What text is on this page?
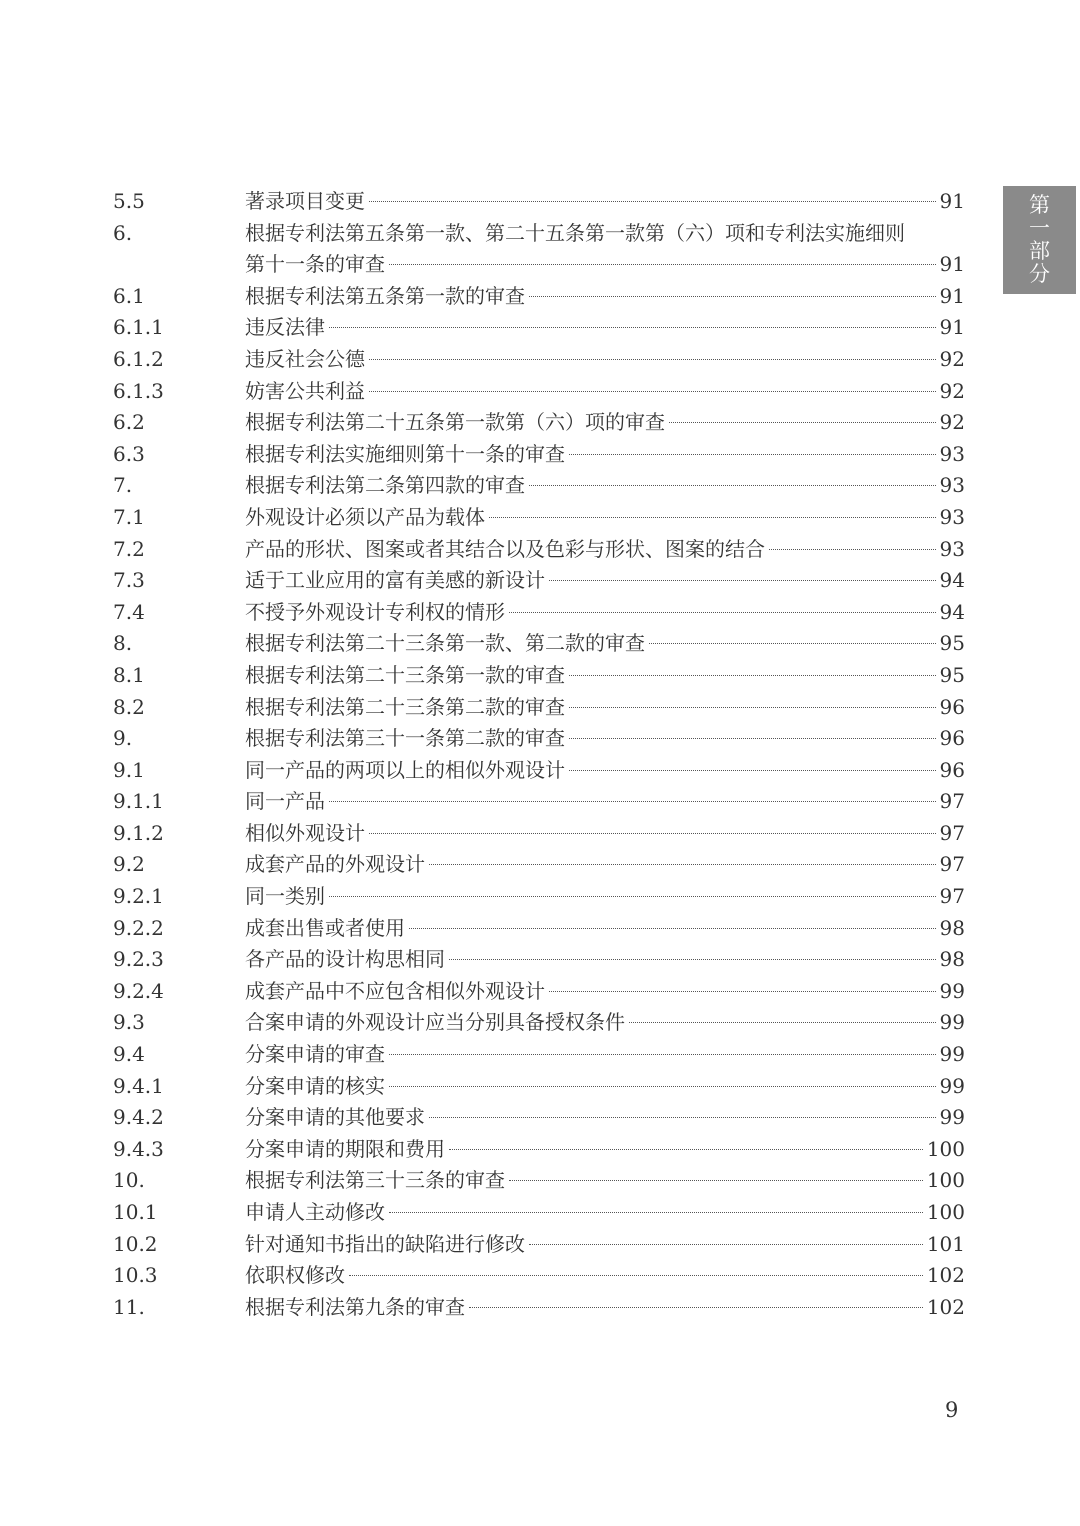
5.5	著录项目变更	91
6.	根据专利法第五条第一款、第二十五条第一款第（六）项和专利法实施细则
第十一条的审查	91
6.1	根据专利法第五条第一款的审查	91
6.1.1	违反法律	91
6.1.2	违反社会公德	92
6.1.3	妨害公共利益	92
6.2	根据专利法第二十五条第一款第（六）项的审查	92
6.3	根据专利法实施细则第十一条的审查	93
7.	根据专利法第二条第四款的审查	93
7.1	外观设计必须以产品为载体	93
7.2	产品的形状、图案或者其结合以及色彩与形状、图案的结合	93
7.3	适于工业应用的富有美感的新设计	94
7.4	不授予外观设计专利权的情形	94
8.	根据专利法第二十三条第一款、第二款的审查	95
8.1	根据专利法第二十三条第一款的审查	95
8.2	根据专利法第二十三条第二款的审查	96
9.	根据专利法第三十一条第二款的审查	96
9.1	同一产品的两项以上的相似外观设计	96
9.1.1	同一产品	97
9.1.2	相似外观设计	97
9.2	成套产品的外观设计	97
9.2.1	同一类别	97
9.2.2	成套出售或者使用	98
9.2.3	各产品的设计构思相同	98
9.2.4	成套产品中不应包含相似外观设计	99
9.3	合案申请的外观设计应当分别具备授权条件	99
9.4	分案申请的审查	99
9.4.1	分案申请的核实	99
9.4.2	分案申请的其他要求	99
9.4.3	分案申请的期限和费用	100
10.	根据专利法第三十三条的审查	100
10.1	申请人主动修改	100
10.2	针对通知书指出的缺陷进行修改	101
10.3	依职权修改	102
11.	根据专利法第九条的审查	102
第
一
部
分
9
